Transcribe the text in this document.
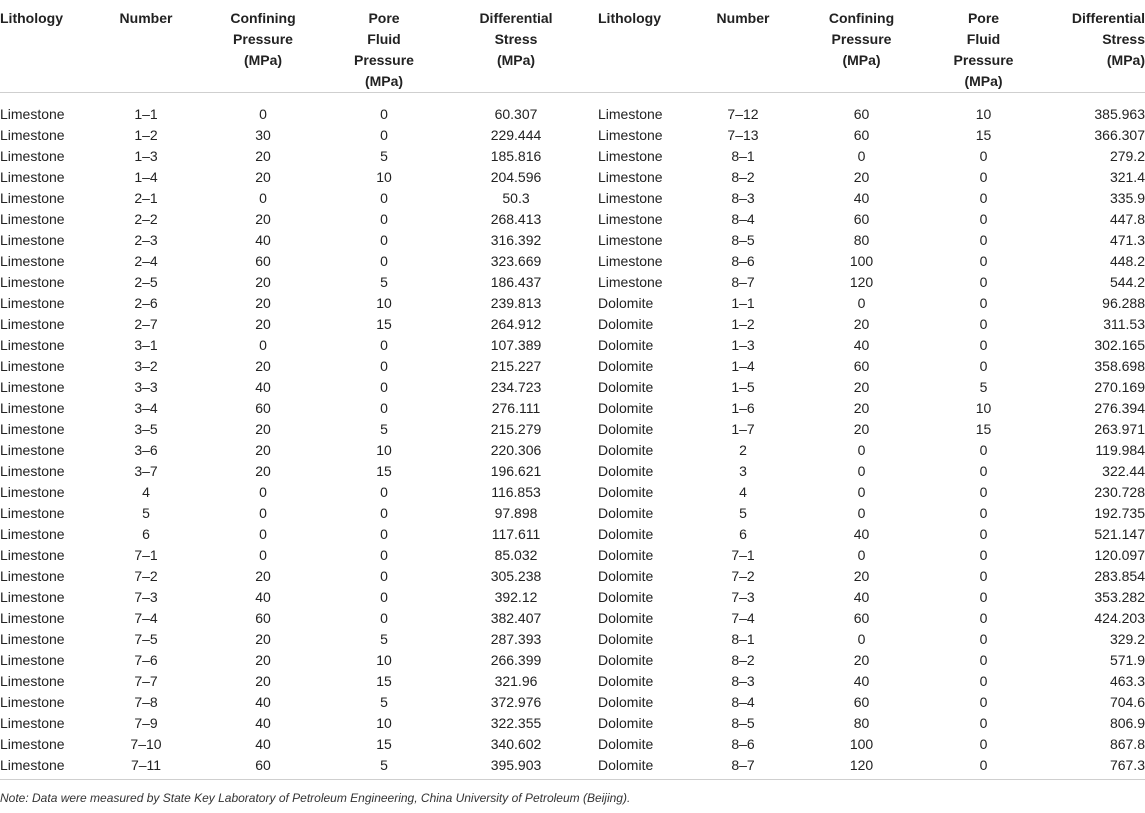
Lithology	Number	Confining
Pressure
(MPa)	Pore
Fluid
Pressure
(MPa)	Differential
Stress
(MPa)	Lithology	Number	Confining
Pressure
(MPa)	Pore
Fluid
Pressure
(MPa)	Differential
Stress
(MPa)

Limestone	1–1	0	0	60.307	Limestone	7–12	60	10	385.963
Limestone	1–2	30	0	229.444	Limestone	7–13	60	15	366.307
Limestone	1–3	20	5	185.816	Limestone	8–1	0	0	279.2
Limestone	1–4	20	10	204.596	Limestone	8–2	20	0	321.4
Limestone	2–1	0	0	50.3	Limestone	8–3	40	0	335.9
Limestone	2–2	20	0	268.413	Limestone	8–4	60	0	447.8
Limestone	2–3	40	0	316.392	Limestone	8–5	80	0	471.3
Limestone	2–4	60	0	323.669	Limestone	8–6	100	0	448.2
Limestone	2–5	20	5	186.437	Limestone	8–7	120	0	544.2
Limestone	2–6	20	10	239.813	Dolomite	1–1	0	0	96.288
Limestone	2–7	20	15	264.912	Dolomite	1–2	20	0	311.53
Limestone	3–1	0	0	107.389	Dolomite	1–3	40	0	302.165
Limestone	3–2	20	0	215.227	Dolomite	1–4	60	0	358.698
Limestone	3–3	40	0	234.723	Dolomite	1–5	20	5	270.169
Limestone	3–4	60	0	276.111	Dolomite	1–6	20	10	276.394
Limestone	3–5	20	5	215.279	Dolomite	1–7	20	15	263.971
Limestone	3–6	20	10	220.306	Dolomite	2	0	0	119.984
Limestone	3–7	20	15	196.621	Dolomite	3	0	0	322.44
Limestone	4	0	0	116.853	Dolomite	4	0	0	230.728
Limestone	5	0	0	97.898	Dolomite	5	0	0	192.735
Limestone	6	0	0	117.611	Dolomite	6	40	0	521.147
Limestone	7–1	0	0	85.032	Dolomite	7–1	0	0	120.097
Limestone	7–2	20	0	305.238	Dolomite	7–2	20	0	283.854
Limestone	7–3	40	0	392.12	Dolomite	7–3	40	0	353.282
Limestone	7–4	60	0	382.407	Dolomite	7–4	60	0	424.203
Limestone	7–5	20	5	287.393	Dolomite	8–1	0	0	329.2
Limestone	7–6	20	10	266.399	Dolomite	8–2	20	0	571.9
Limestone	7–7	20	15	321.96	Dolomite	8–3	40	0	463.3
Limestone	7–8	40	5	372.976	Dolomite	8–4	60	0	704.6
Limestone	7–9	40	10	322.355	Dolomite	8–5	80	0	806.9
Limestone	7–10	40	15	340.602	Dolomite	8–6	100	0	867.8
Limestone	7–11	60	5	395.903	Dolomite	8–7	120	0	767.3
Note: Data were measured by State Key Laboratory of Petroleum Engineering, China University of Petroleum (Beijing).
